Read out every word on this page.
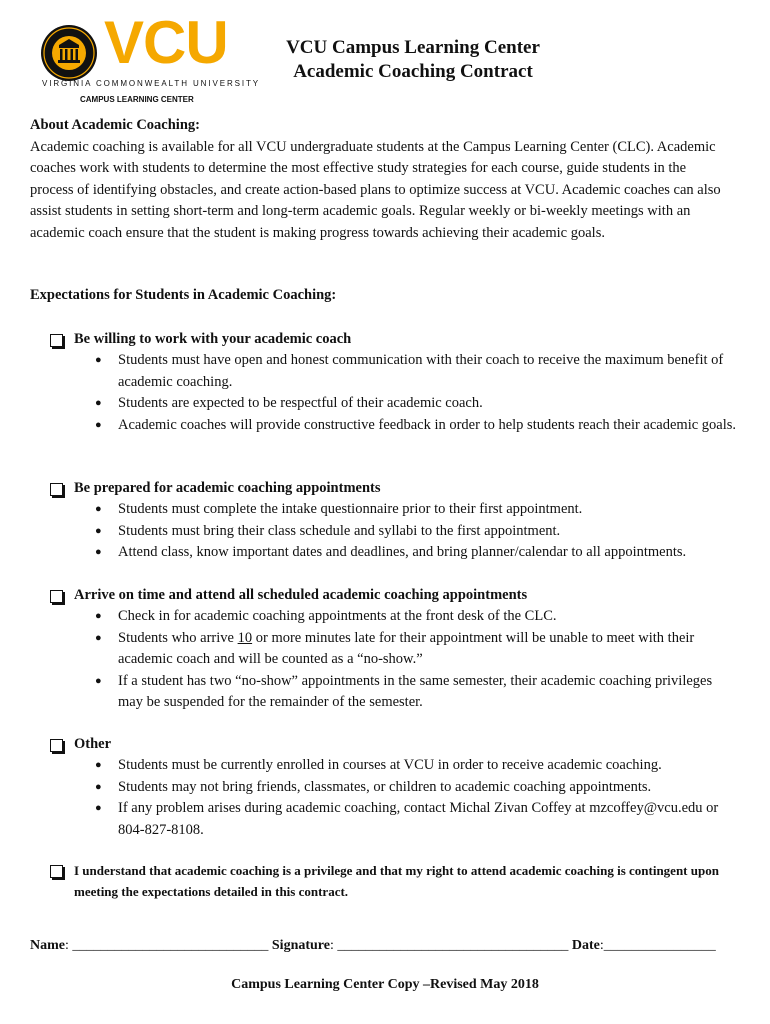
VCU
VIRGINIA COMMONWEALTH UNIVERSITY
CAMPUS LEARNING CENTER
VCU Campus Learning Center
Academic Coaching Contract
About Academic Coaching:

Academic coaching is available for all VCU undergraduate students at the Campus Learning Center (CLC). Academic coaches work with students to determine the most effective study strategies for each course, guide students in the process of identifying obstacles, and create action-based plans to optimize success at VCU. Academic coaches can also assist students in setting short-term and long-term academic goals. Regular weekly or bi-weekly meetings with an academic coach ensure that the student is making progress towards achieving their academic goals.

Expectations for Students in Academic Coaching:
Be willing to work with your academic coach
● Students must have open and honest communication with their coach to receive the maximum benefit of academic coaching.
● Students are expected to be respectful of their academic coach.
● Academic coaches will provide constructive feedback in order to help students reach their academic goals.
Be prepared for academic coaching appointments
● Students must complete the intake questionnaire prior to their first appointment.
● Students must bring their class schedule and syllabi to the first appointment.
● Attend class, know important dates and deadlines, and bring planner/calendar to all appointments.
Arrive on time and attend all scheduled academic coaching appointments
● Check in for academic coaching appointments at the front desk of the CLC.
● Students who arrive 10 or more minutes late for their appointment will be unable to meet with their academic coach and will be counted as a “no-show.”
● If a student has two “no-show” appointments in the same semester, their academic coaching privileges may be suspended for the remainder of the semester.
Other
● Students must be currently enrolled in courses at VCU in order to receive academic coaching.
● Students may not bring friends, classmates, or children to academic coaching appointments.
● If any problem arises during academic coaching, contact Michal Zivan Coffey at mzcoffey@vcu.edu or 804-827-8108.
I understand that academic coaching is a privilege and that my right to attend academic coaching is contingent upon meeting the expectations detailed in this contract.
Name: ____________________________ Signature: _________________________________ Date:________________
Campus Learning Center Copy –Revised May 2018
